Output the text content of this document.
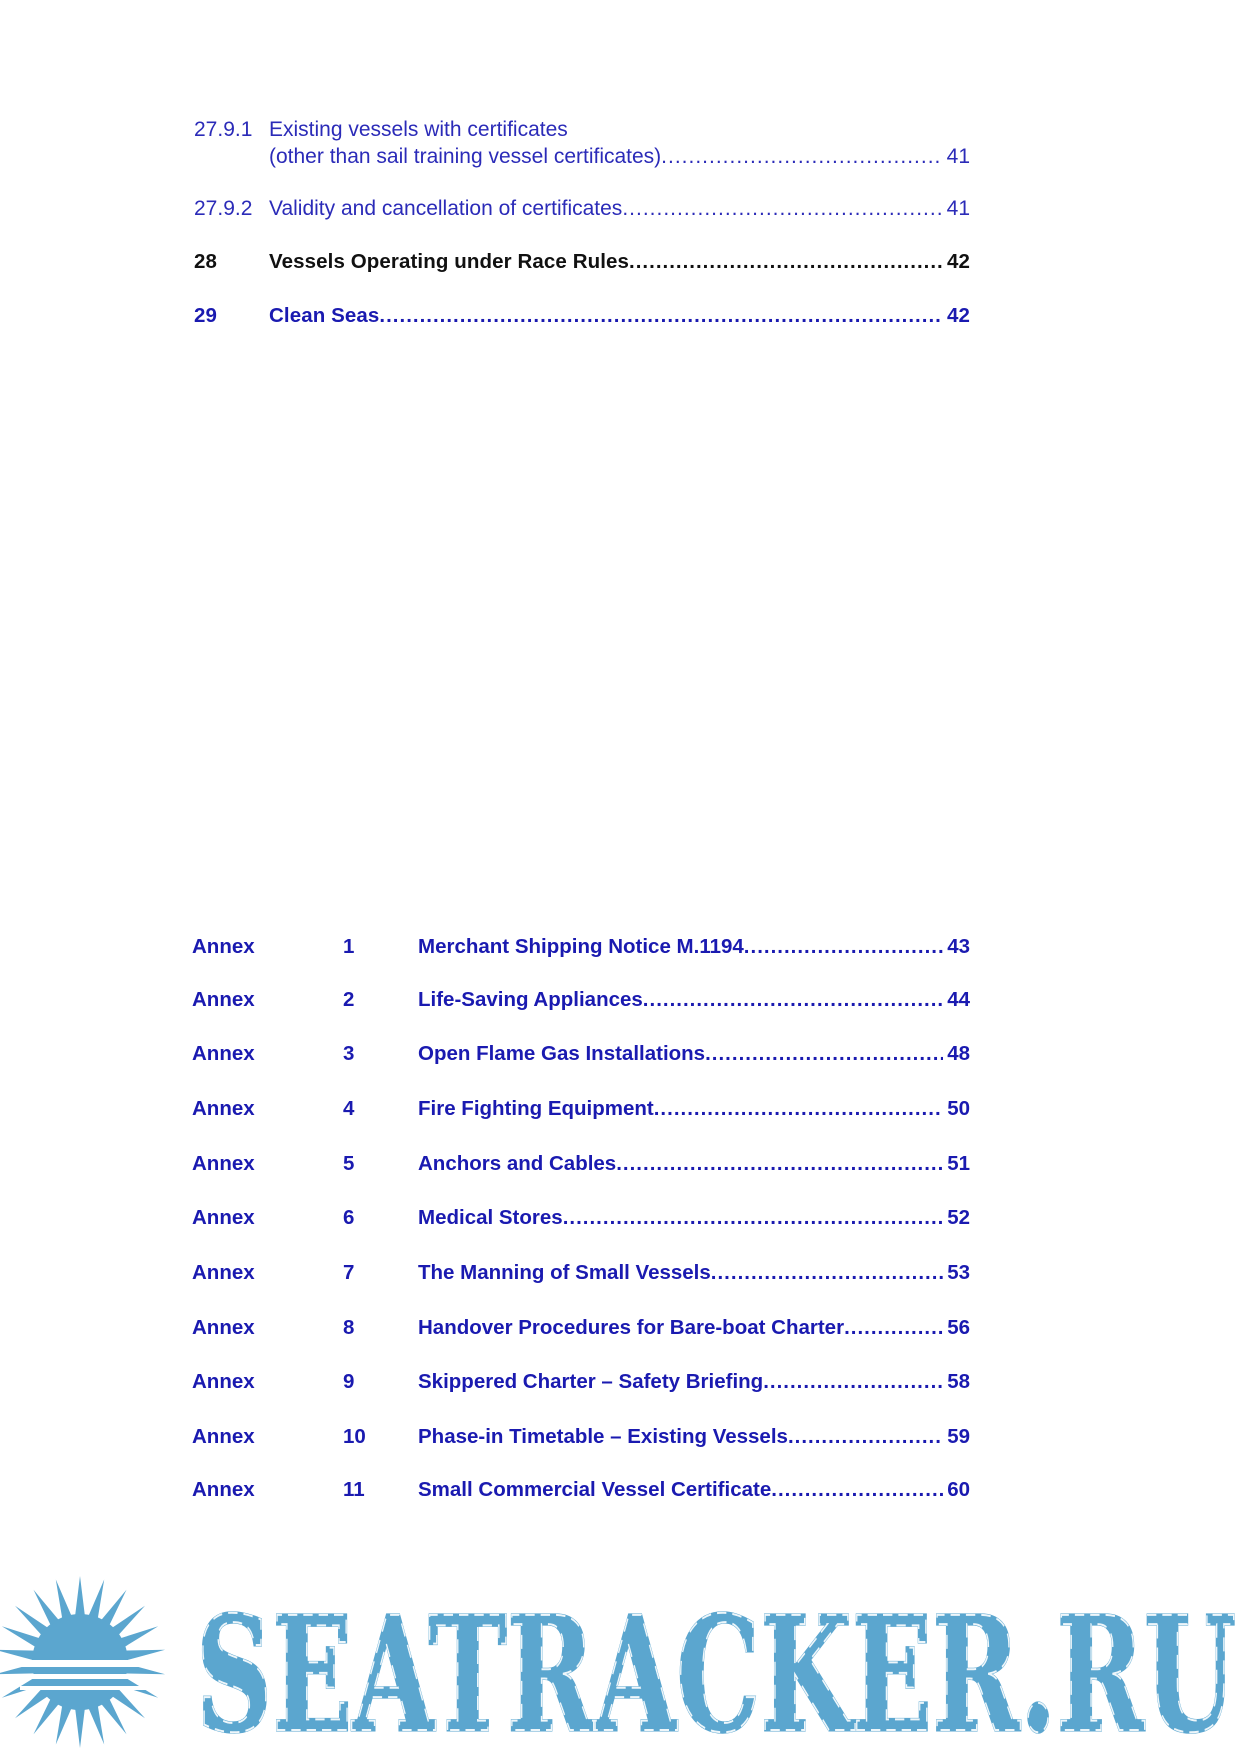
27.9.1 Existing vessels with certificates
(other than sail training vessel certificates) .....	41
27.9.2 Validity and cancellation of certificates .....	41
28	Vessels Operating under Race Rules .....	42
29	Clean Seas .....	42
Annex	1	Merchant Shipping Notice M.1194 .....	43
Annex	2	Life-Saving Appliances .....	44
Annex	3	Open Flame Gas Installations .....	48
Annex	4	Fire Fighting Equipment .....	50
Annex	5	Anchors and Cables .....	51
Annex	6	Medical Stores .....	52
Annex	7	The Manning of Small Vessels .....	53
Annex	8	Handover Procedures for Bare-boat Charter .....	56
Annex	9	Skippered Charter – Safety Briefing .....	58
Annex	10	Phase-in Timetable – Existing Vessels .....	59
Annex	11	Small Commercial Vessel Certificate .....	60
SEATRACKER.RU
SEATRACKER.RU
